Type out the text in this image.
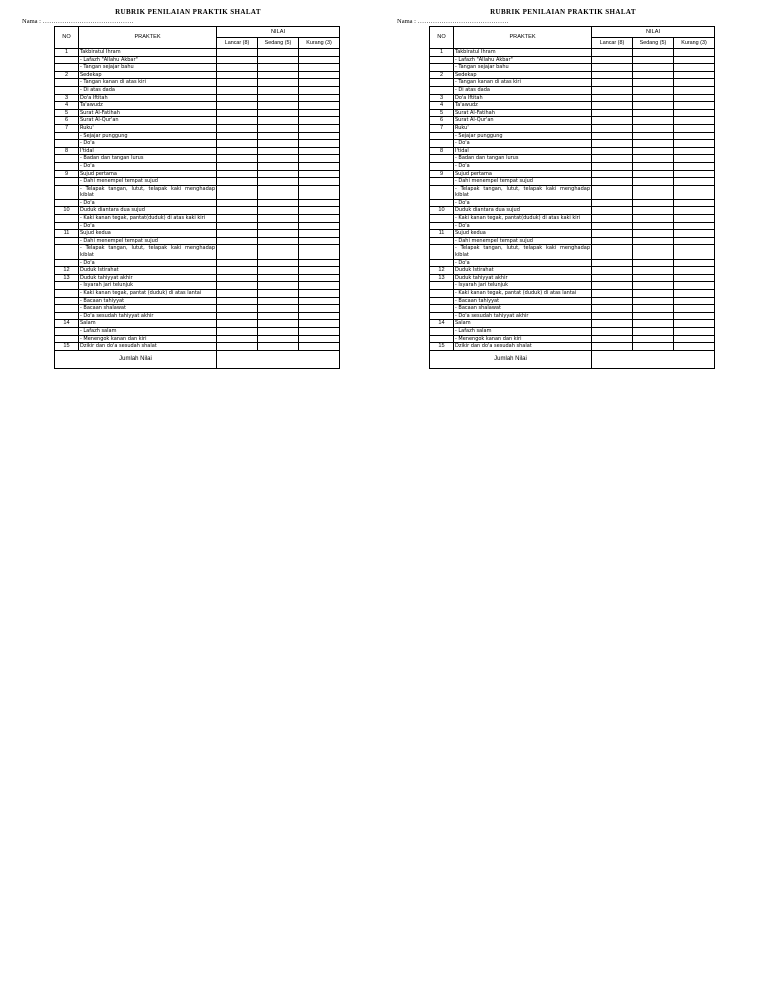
RUBRIK PENILAIAN PRAKTIK SHALAT
Nama : ……………………………………
NO	PRAKTEK	NILAI		
		Lancar (8)	Sedang (5)	Kurang (3)
1	Takbiratul Ihram			
	- Lafazh "Allahu Akbar"			
	- Tangan sejajar bahu			
2	Sedekap			
	- Tangan kanan di atas kiri			
	- Di atas dada			
3	Do'a Iftitah			
4	Ta'awudz			
5	Surat Al-Fatihah			
6	Surat Al-Qur'an			
7	Ruku'			
	- Sejajar punggung			
	- Do'a			
8	I'tidal			
	- Badan dan tangan lurus			
	- Do'a			
9	Sujud pertama			
	- Dahi menempel tempat sujud			
	- Telapak tangan, lutut, telapak kaki menghadap kiblat			
	- Do'a			
10	Duduk diantara dua sujud			
	- Kaki kanan tegak, pantat(duduk) di atas kaki kiri			
	- Do'a			
11	Sujud kedua			
	- Dahi menempel tempat sujud			
	- Telapak tangan, lutut, telapak kaki menghadap kiblat			
	- Do'a			
12	Duduk Istirahat			
13	Duduk tahiyyat akhir			
	- Isyarah jari telunjuk			
	- Kaki kanan tegak, pantat (duduk) di atas lantai			
	- Bacaan tahiyyat			
	- Bacaan shalawat			
	- Do'a sesudah tahiyyat akhir			
14	Salam			
	- Lafazh salam			
	- Menengok kanan dan kiri			
15	Dzikir dan do'a sesudah shalat			
Jumlah Nilai				
RUBRIK PENILAIAN PRAKTIK SHALAT
Nama : ……………………………………
NO	PRAKTEK	NILAI		
		Lancar (8)	Sedang (5)	Kurang (3)
1	Takbiratul Ihram			
	- Lafazh "Allahu Akbar"			
	- Tangan sejajar bahu			
2	Sedekap			
	- Tangan kanan di atas kiri			
	- Di atas dada			
3	Do'a Iftitah			
4	Ta'awudz			
5	Surat Al-Fatihah			
6	Surat Al-Qur'an			
7	Ruku'			
	- Sejajar punggung			
	- Do'a			
8	I'tidal			
	- Badan dan tangan lurus			
	- Do'a			
9	Sujud pertama			
	- Dahi menempel tempat sujud			
	- Telapak tangan, lutut, telapak kaki menghadap kiblat			
	- Do'a			
10	Duduk diantara dua sujud			
	- Kaki kanan tegak, pantat(duduk) di atas kaki kiri			
	- Do'a			
11	Sujud kedua			
	- Dahi menempel tempat sujud			
	- Telapak tangan, lutut, telapak kaki menghadap kiblat			
	- Do'a			
12	Duduk Istirahat			
13	Duduk tahiyyat akhir			
	- Isyarah jari telunjuk			
	- Kaki kanan tegak, pantat (duduk) di atas lantai			
	- Bacaan tahiyyat			
	- Bacaan shalawat			
	- Do'a sesudah tahiyyat akhir			
14	Salam			
	- Lafazh salam			
	- Menengok kanan dan kiri			
15	Dzikir dan do'a sesudah shalat			
Jumlah Nilai				
